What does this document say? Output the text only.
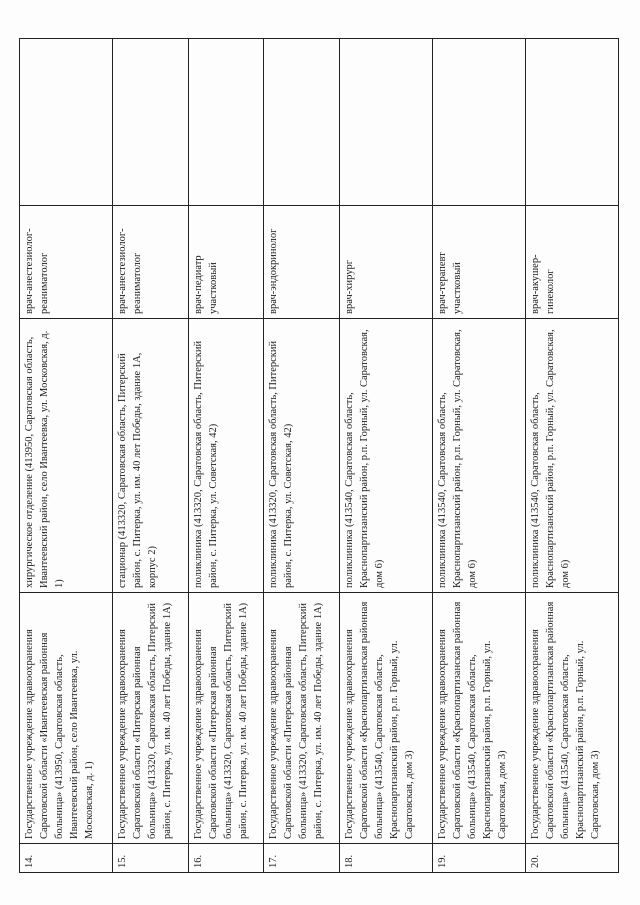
14.	Государственное учреждение здравоохранения Саратовской области «Ивантеевская районная больница» (413950, Саратовская область, Ивантеевский район, село Ивантеевка, ул. Московская, д. 1)	хирургическое отделение (413950, Саратовская область, Ивантеевский район, село Ивантеевка, ул. Московская, д. 1)	врач-анестезиолог-реаниматолог	
15.	Государственное учреждение здравоохранения Саратовской области «Питерская районная больница» (413320, Саратовская область, Питерский район, с. Питерка, ул. им. 40 лет Победы, здание 1А)	стационар (413320, Саратовская область, Питерский район, с. Питерка, ул. им. 40 лет Победы, здание 1А, корпус 2)	врач-анестезиолог-реаниматолог	
16.	Государственное учреждение здравоохранения Саратовской области «Питерская районная больница» (413320, Саратовская область, Питерский район, с. Питерка, ул. им. 40 лет Победы, здание 1А)	поликлиника (413320, Саратовская область, Питерский район, с. Питерка, ул. Советская, 42)	врач-педиатр участковый	
17.	Государственное учреждение здравоохранения Саратовской области «Питерская районная больница» (413320, Саратовская область, Питерский район, с. Питерка, ул. им. 40 лет Победы, здание 1А)	поликлиника (413320, Саратовская область, Питерский район, с. Питерка, ул. Советская, 42)	врач-эндокринолог	
18.	Государственное учреждение здравоохранения Саратовской области «Краснопартизанская районная больница» (413540, Саратовская область, Краснопартизанский район, р.п. Горный, ул. Саратовская, дом 3)	поликлиника (413540, Саратовская область, Краснопартизанский район, р.п. Горный, ул. Саратовская, дом 6)	врач-хирург	
19.	Государственное учреждение здравоохранения Саратовской области «Краснопартизанская районная больница» (413540, Саратовская область, Краснопартизанский район, р.п. Горный, ул. Саратовская, дом 3)	поликлиника (413540, Саратовская область, Краснопартизанский район, р.п. Горный, ул. Саратовская, дом 6)	врач-терапевт участковый	
20.	Государственное учреждение здравоохранения Саратовской области «Краснопартизанская районная больница» (413540, Саратовская область, Краснопартизанский район, р.п. Горный, ул. Саратовская, дом 3)	поликлиника (413540, Саратовская область, Краснопартизанский район, р.п. Горный, ул. Саратовская, дом 6)	врач-акушер-гинеколог	
